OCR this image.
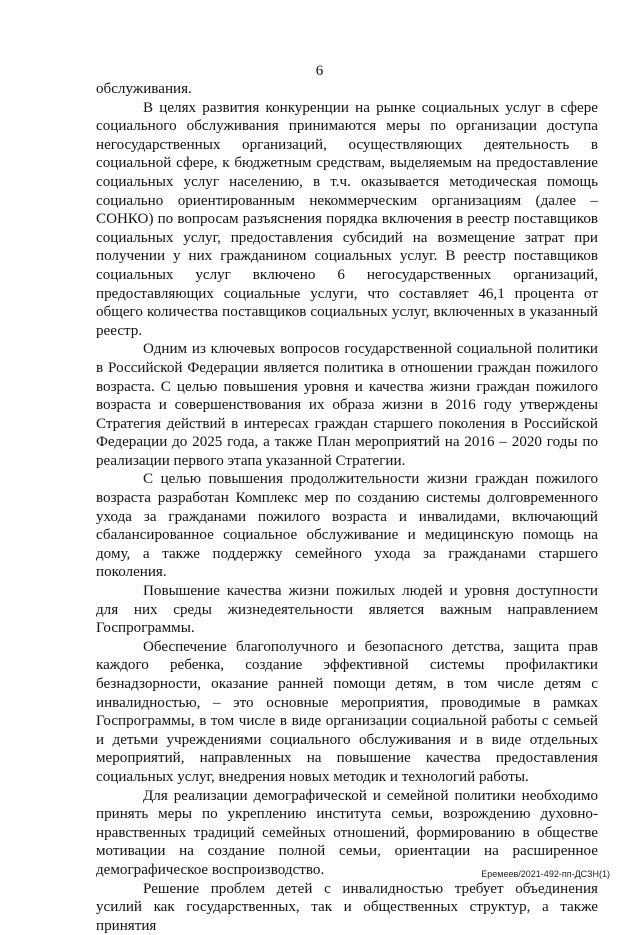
6

обслуживания.

В целях развития конкуренции на рынке социальных услуг в сфере социального обслуживания принимаются меры по организации доступа негосударственных организаций, осуществляющих деятельность в социальной сфере, к бюджетным средствам, выделяемым на предоставление социальных услуг населению, в т.ч. оказывается методическая помощь социально ориентированным некоммерческим организациям (далее – СОНКО) по вопросам разъяснения порядка включения в реестр поставщиков социальных услуг, предоставления субсидий на возмещение затрат при получении у них гражданином социальных услуг. В реестр поставщиков социальных услуг включено 6 негосударственных организаций, предоставляющих социальные услуги, что составляет 46,1 процента от общего количества поставщиков социальных услуг, включенных в указанный реестр.

Одним из ключевых вопросов государственной социальной политики в Российской Федерации является политика в отношении граждан пожилого возраста. С целью повышения уровня и качества жизни граждан пожилого возраста и совершенствования их образа жизни в 2016 году утверждены Стратегия действий в интересах граждан старшего поколения в Российской Федерации до 2025 года, а также План мероприятий на 2016 – 2020 годы по реализации первого этапа указанной Стратегии.

С целью повышения продолжительности жизни граждан пожилого возраста разработан Комплекс мер по созданию системы долговременного ухода за гражданами пожилого возраста и инвалидами, включающий сбалансированное социальное обслуживание и медицинскую помощь на дому, а также поддержку семейного ухода за гражданами старшего поколения.

Повышение качества жизни пожилых людей и уровня доступности для них среды жизнедеятельности является важным направлением Госпрограммы.

Обеспечение благополучного и безопасного детства, защита прав каждого ребенка, создание эффективной системы профилактики безнадзорности, оказание ранней помощи детям, в том числе детям с инвалидностью, – это основные мероприятия, проводимые в рамках Госпрограммы, в том числе в виде организации социальной работы с семьей и детьми учреждениями социального обслуживания и в виде отдельных мероприятий, направленных на повышение качества предоставления социальных услуг, внедрения новых методик и технологий работы.

Для реализации демографической и семейной политики необходимо принять меры по укреплению института семьи, возрождению духовно-нравственных традиций семейных отношений, формированию в обществе мотивации на создание полной семьи, ориентации на расширенное демографическое воспроизводство.

Решение проблем детей с инвалидностью требует объединения усилий как государственных, так и общественных структур, а также принятия

Еремеев/2021-492-пп-ДСЗН(1)
